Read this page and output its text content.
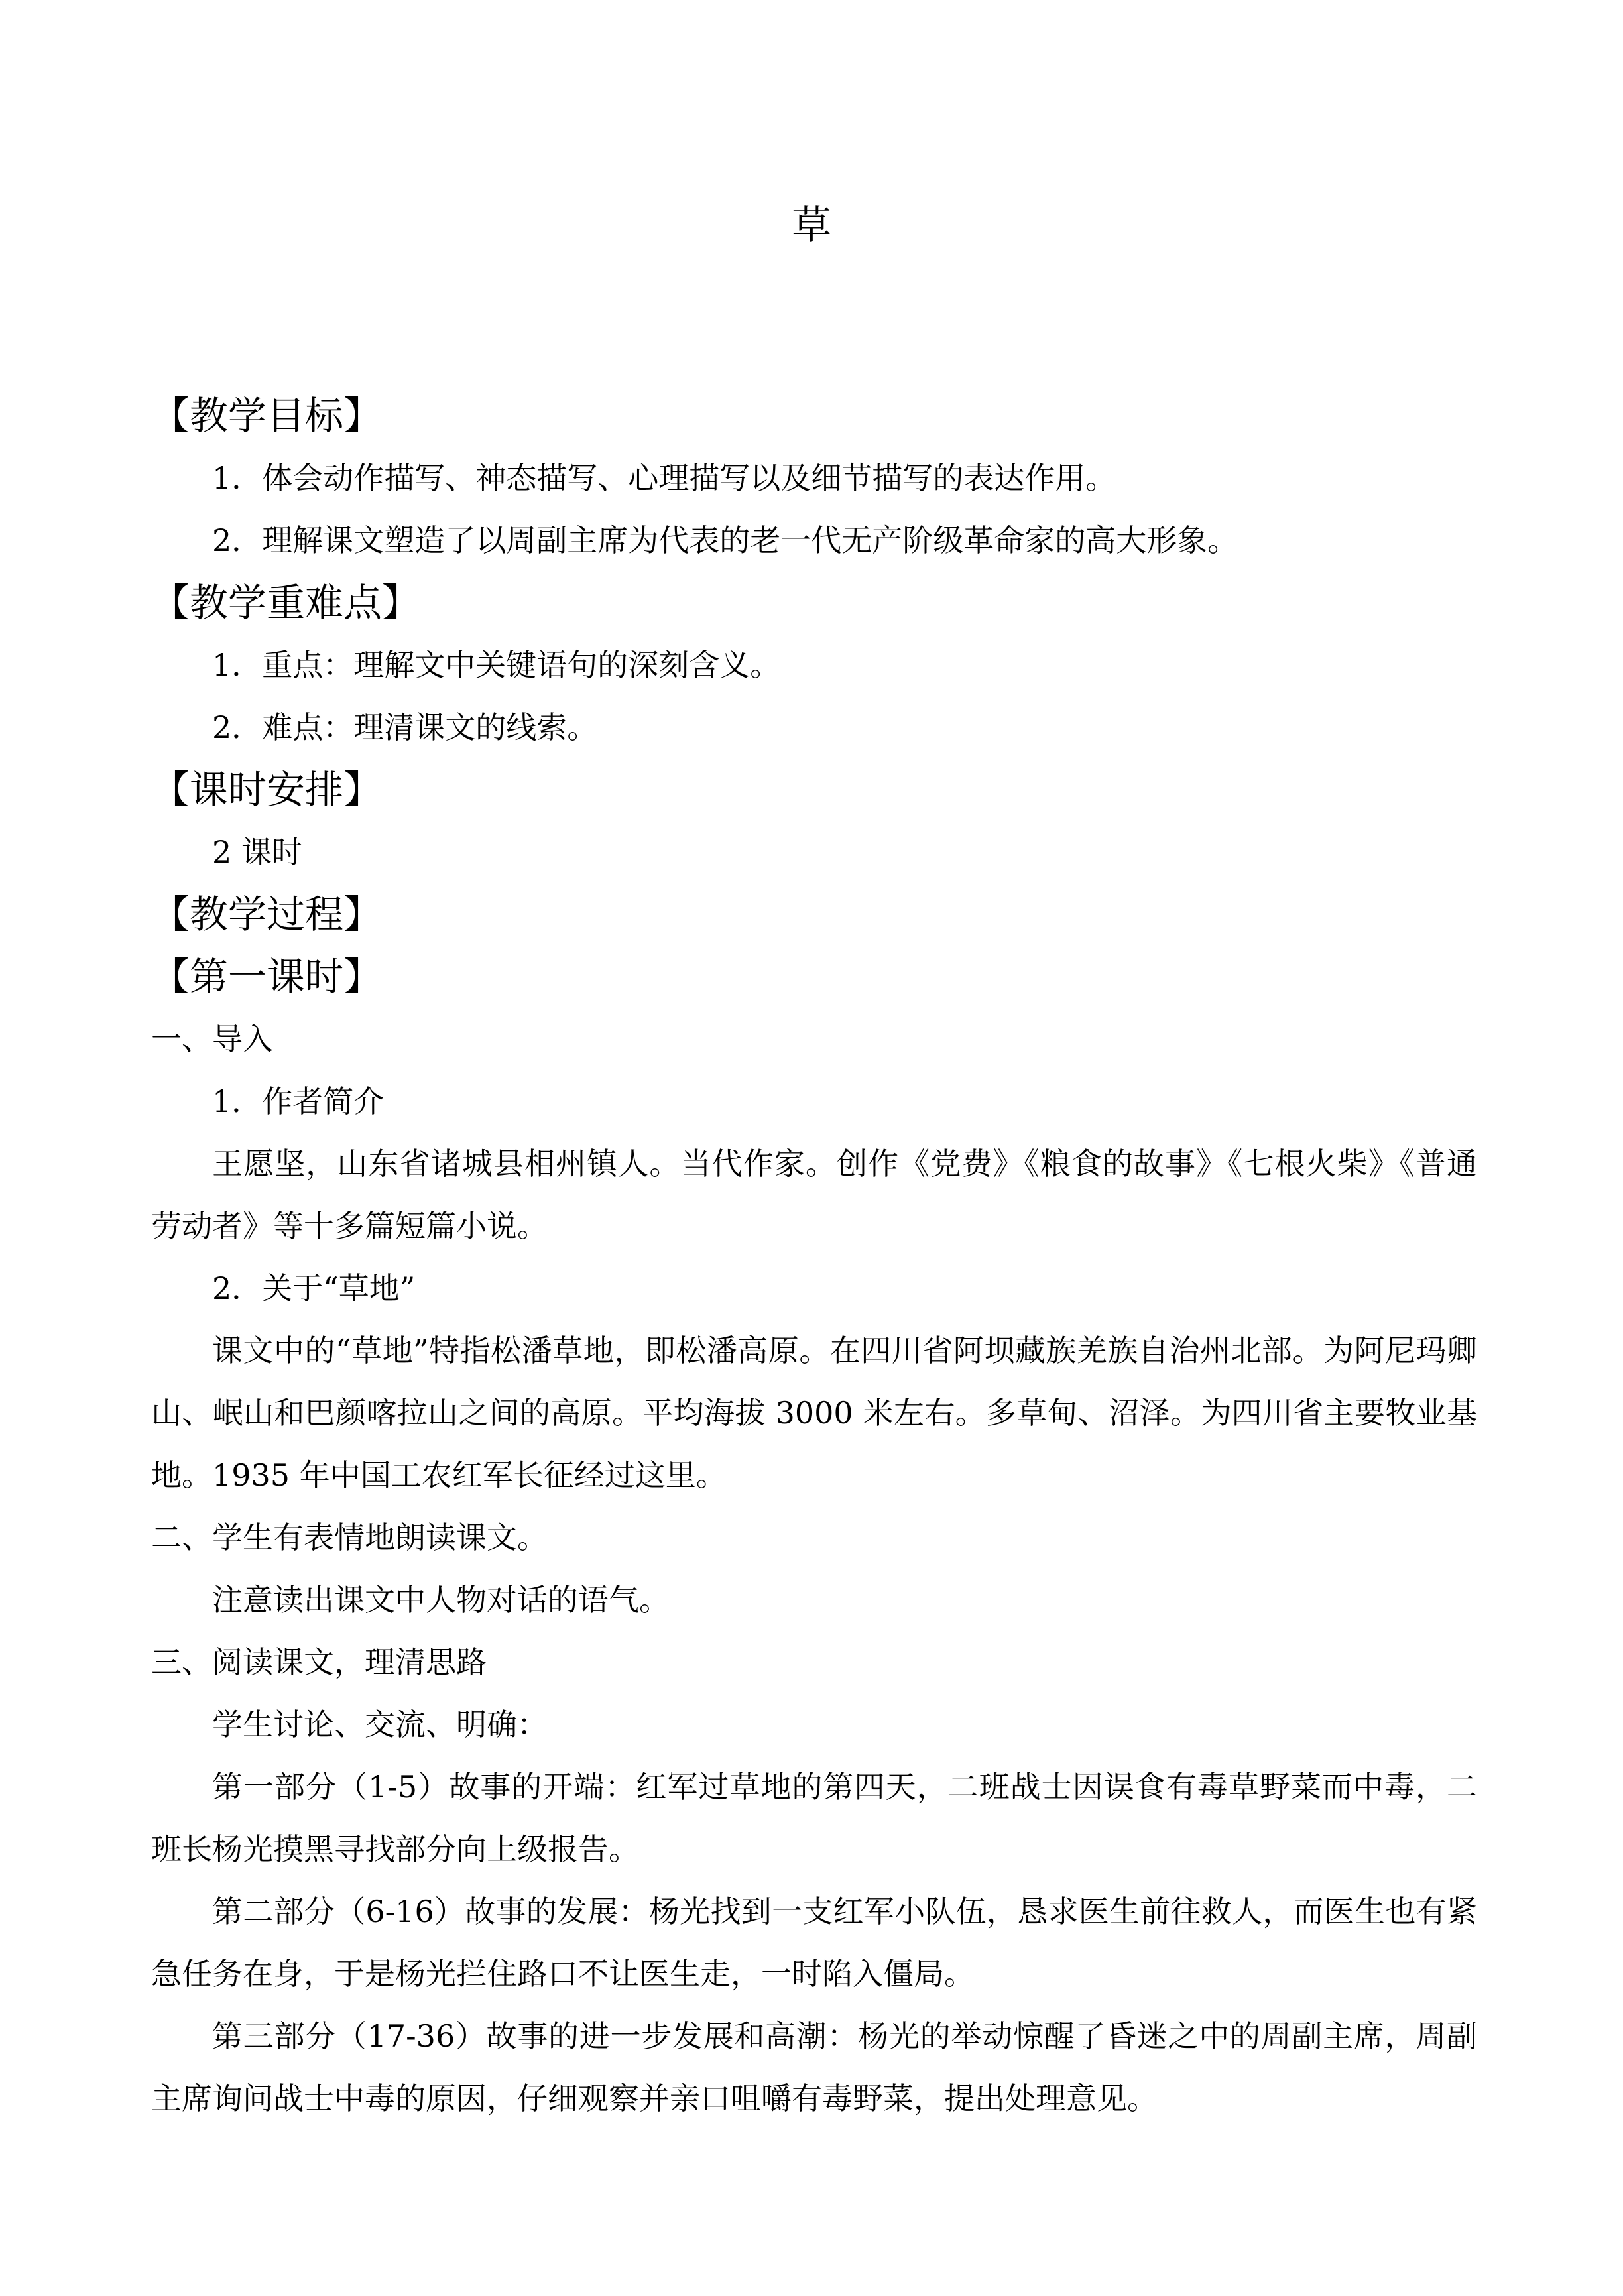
草
【教学目标】
1．体会动作描写、神态描写、心理描写以及细节描写的表达作用。
2．理解课文塑造了以周副主席为代表的老一代无产阶级革命家的高大形象。
【教学重难点】
1．重点：理解文中关键语句的深刻含义。
2．难点：理清课文的线索。
【课时安排】
2 课时
【教学过程】
【第一课时】
一、导入
1．作者简介
王愿坚，山东省诸城县相州镇人。当代作家。创作《党费》《粮食的故事》《七根火柴》《普通劳动者》等十多篇短篇小说。
2．关于“草地”
课文中的“草地”特指松潘草地，即松潘高原。在四川省阿坝藏族羌族自治州北部。为阿尼玛卿山、岷山和巴颜喀拉山之间的高原。平均海拔 3000 米左右。多草甸、沼泽。为四川省主要牧业基地。1935 年中国工农红军长征经过这里。
二、学生有表情地朗读课文。
注意读出课文中人物对话的语气。
三、阅读课文，理清思路
学生讨论、交流、明确：
第一部分（1-5）故事的开端：红军过草地的第四天，二班战士因误食有毒草野菜而中毒，二班长杨光摸黑寻找部分向上级报告。
第二部分（6-16）故事的发展：杨光找到一支红军小队伍，恳求医生前往救人，而医生也有紧急任务在身，于是杨光拦住路口不让医生走，一时陷入僵局。
第三部分（17-36）故事的进一步发展和高潮：杨光的举动惊醒了昏迷之中的周副主席，周副主席询问战士中毒的原因，仔细观察并亲口咀嚼有毒野菜，提出处理意见。
